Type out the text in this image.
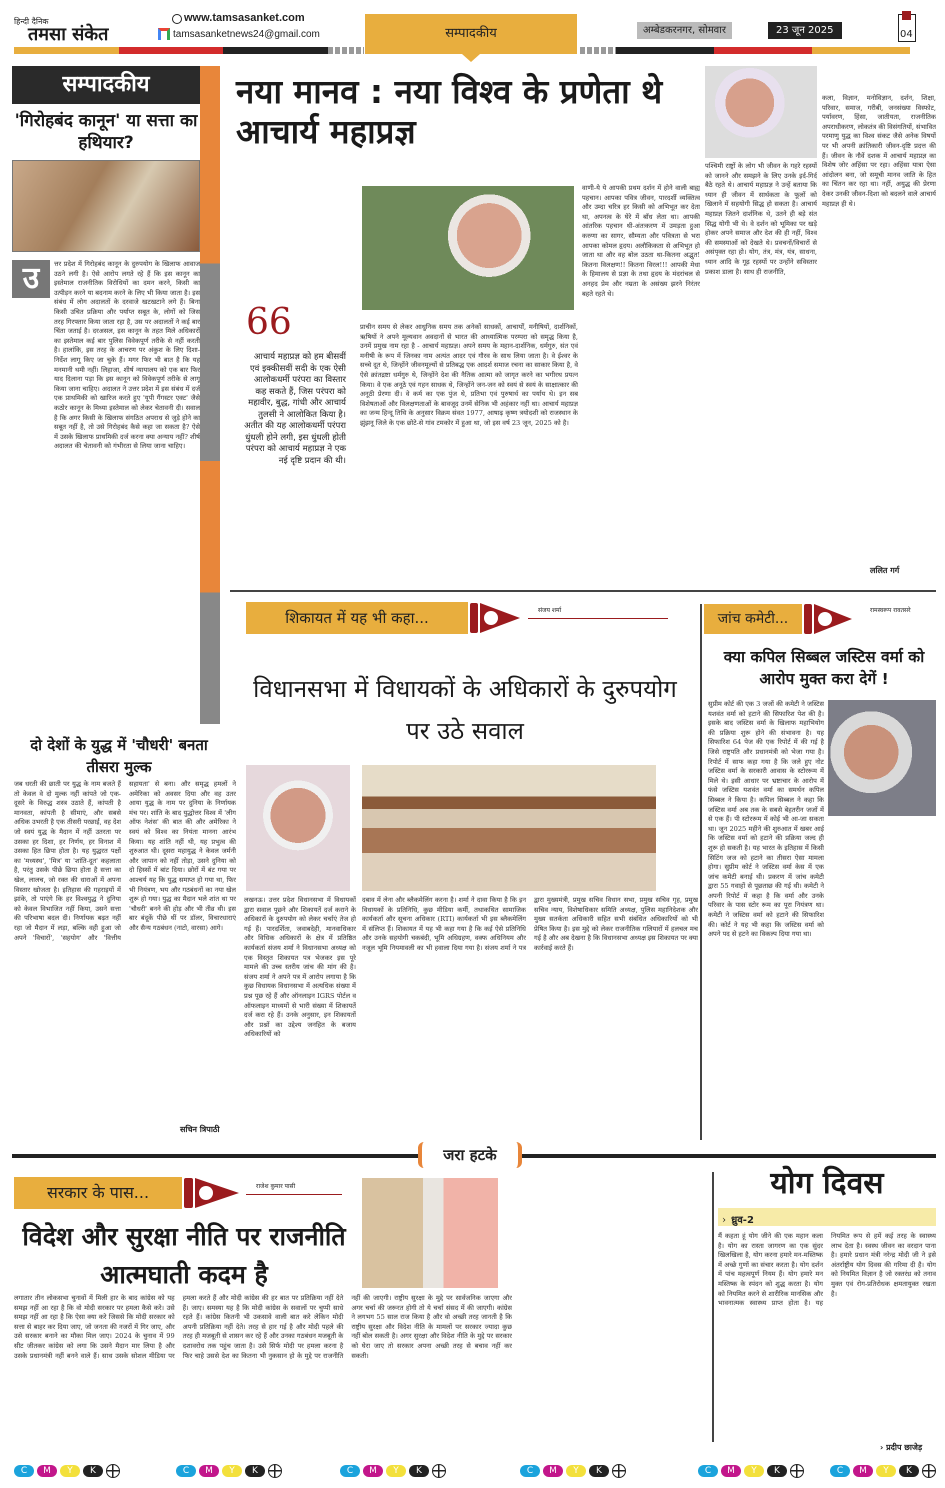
हिन्दी दैनिक
तमसा संकेत
www.tamsasanket.com
tamsasanketnews24@gmail.com	सम्पादकीय	अम्बेडकरनगर, सोमवार	23 जून 2025	04
सम्पादकीय
'गिरोहबंद कानून' या सत्ता का हथियार?
उ	त्तर प्रदेश में गिरोहबंद कानून के दुरुपयोग के खिलाफ आवाज उठने लगी है। ऐसे आरोप लगते रहे हैं कि इस कानून का इस्तेमाल राजनीतिक विरोधियों का दमन करने, किसी का उत्पीड़न करने या बदनाम करने के लिए भी किया जाता है। इस संबंध में लोग अदालतों के दरवाजे खटखटाने लगे हैं। बिना किसी उचित प्रक्रिया और पर्याप्त सबूत के, लोगों को जिस तरह गिरफ्तार किया जाता रहा है, उस पर अदालतों ने कई बार चिंता जताई है। दरअसल, इस कानून के तहत मिले अधिकारों का इस्तेमाल कई बार पुलिस विवेकपूर्ण तरीके से नहीं करती है। हालांकि, इस तरह के आचरण पर अंकुश के लिए दिशा-निर्देश लागू किए जा चुके हैं। मगर फिर भी बात है कि यह मनमानी थमी नहीं। लिहाजा, शीर्ष न्यायालय को एक बार फिर याद दिलाना पड़ा कि इस कानून को विवेकपूर्ण तरीके से लागू किया जाना चाहिए। अदालत ने उत्तर प्रदेश में इस संबंध में दर्ज एक प्राथमिकी को खारिज करते हुए 'यूपी गैंगस्टर एक्ट' जैसे कठोर कानून के मिथ्या इस्तेमाल को लेकर चेतावनी दी। सवाल है कि अगर किसी के खिलाफ संगठित अपराध से जुड़े होने का सबूत नहीं है, तो उसे गिरोहबंद कैसे कहा जा सकता है? ऐसे में उसके खिलाफ प्राथमिकी दर्ज करना क्या अन्याय नहीं? शीर्ष अदालत की चेतावनी को गंभीरता से लिया जाना चाहिए।
नया मानव : नया विश्व के प्रणेता थे आचार्य महाप्रज्ञ
66
आचार्य महाप्रज्ञ को हम बीसवीं एवं इक्कीसवीं सदी के एक ऐसी आलोकधर्मी परंपरा का विस्तार कह सकते हैं, जिस परंपरा को महावीर, बुद्ध, गांधी और आचार्य तुलसी ने आलोकित किया है। अतीत की यह आलोकधर्मी परंपरा धुंधली होने लगी, इस धुंधली होती परंपरा को आचार्य महाप्रज्ञ ने एक नई दृष्टि प्रदान की थी।
प्राचीन समय से लेकर आधुनिक समय तक अनेकों साधकों, आचार्यों, मनीषियों, दार्शनिकों, ऋषियों ने अपने मूल्यवान अवदानों से भारत की आध्यात्मिक परम्परा को समृद्ध किया है, उनमें प्रमुख नाम रहा है - आचार्य महाप्रज्ञ। अपने समय के महान-दार्शनिक, धर्मगुरु, संत एवं मनीषी के रूप में जिनका नाम अत्यंत आदर एवं गौरव के साथ लिया जाता है। वे ईश्वर के सच्चे दूत थे, जिन्होंने जीवनमूल्यों से प्रतिबद्ध एक आदर्श समाज रचना का साकार किया है, वे ऐसे क्रांतद्रष्टा धर्मगुरु थे, जिन्होंने देश की नैतिक आत्मा को जागृत करने का भगीरथ प्रयत्न किया। वे एक अनूठे एवं गहन साधक थे, जिन्होंने जन-जन को स्वयं से स्वयं के साक्षात्कार की अनूठी प्रेरणा दी। वे कर्म का एक पुंज थे, प्रतिभा एवं पुरुषार्थ का पर्याय थे। इन सब विशेषताओं और विलक्षणताओं के बावजूद उनमें सेनिक भी अहंकार नहीं था। आचार्य महाप्रज्ञ का जन्म हिन्दू तिथि के अनुसार विक्रम संवत 1977, आषाढ़ कृष्ण त्रयोदशी को राजस्थान के झुंझनू जिले के एक छोटे-से गांव टमकोर में हुआ था, जो इस वर्ष 23 जून, 2025 को है।
वाणी-ये ये आपकी प्रथम दर्शन में होने वाली बाह्य पहचान। आपका पवित्र जीवन, पारदर्शी व्यक्तित्व और उम्दा चरित्र हर किसी को अभिभूत कर देता था, अपनत्व के घेरे में बाँध लेता था। आपकी आंतरिक पहचान थी-अंतःकरण में उमड़ता हुआ करुणा का सागर, सौम्यता और पवित्रता से भरा आपका कोमल हृदय। अलौकिकता से अभिभूत हो जाता था और वह बोल उठता था-कितना अद्भुत! कितना विलक्षण!! कितना विरल!!! आपकी मेधा के हिमालय से प्रज्ञा के तथा हृदय के मंदरांचल से अनहद प्रेम और नम्रता के असंख्य झरने निरंतर बहते रहते थे।
पश्चिमी राष्ट्रों के लोग भी जीवन के गहरे रहस्यों को जानने और समझने के लिए उनके इर्द-गिर्द बैठे रहते थे। आचार्य महाप्रज्ञ ने उन्हें बताया कि ध्यान ही जीवन में सार्थकता के फूलों को खिलाने में सहयोगी सिद्ध हो सकता है। आचार्य महाप्रज्ञ जितने दार्शनिक थे, उतने ही बड़े संत सिद्ध योगी भी थे। वे दर्शन को भूमिका पर खड़े होकर अपने समाज और देश की ही नहीं, विश्व की समस्याओं को देखते थे। प्रवचनों/विचारों से असंपृक्त रहा हो। योग, तंत्र, मंत्र, यंत्र, साधना, ध्यान आदि के गूढ़ रहस्यों पर उन्होंने सविस्तार प्रकाश डाला है। साथ ही राजनीति,
कला, विज्ञान, मनोविज्ञान, दर्शन, शिक्षा, परिवार, समाज, गरीबी, जनसंख्या विस्फोट, पर्यावरण, हिंसा, जातीयता, राजनीतिक अपराधीकरण, लोकतंत्र की विसंगतियों, संभावित परमाणु युद्ध का विश्व संकट जैसे अनेक विषयों पर भी अपनी क्रांतिकारी जीवन-दृष्टि प्रदत्त की हैं। जीवन के नौवें दशक में आचार्य महाप्रज्ञ का विशेष जोर अहिंसा पर रहा। अहिंसा यात्रा ऐसा आंदोलन बना, जो समूची मानव जाति के हित का चिंतन कर रहा था। नहीं, अयुद्ध की प्रेरणा देकर उनकी जीवन-दिशा को बदलने वाले आचार्य महाप्रज्ञ ही थे।
ललित गर्ग
शिकायत में यह भी कहा...	संजय शर्मा
विधानसभा में विधायकों के अधिकारों के दुरुपयोग पर उठे सवाल
लखनऊ। उत्तर प्रदेश विधानसभा में विधायकों द्वारा सवाल पूछने और शिकायतें दर्ज कराने के अधिकारों के दुरुपयोग को लेकर चर्चाएं तेज हो गई हैं। पारदर्शिता, जवाबदेही, मानवाधिकार और विधिक अधिकारों के क्षेत्र में प्रतिष्ठित कार्यकर्ता संजय शर्मा ने विधानसभा अध्यक्ष को एक विस्तृत शिकायत पत्र भेजकर इस पूरे मामले की उच्च स्तरीय जांच की मांग की है। संजय शर्मा ने अपने पत्र में आरोप लगाया है कि कुछ विधायक विधानसभा में अत्यधिक संख्या में प्रश्न पूछ रहे हैं और ऑनलाइन IGRS पोर्टल व ऑफलाइन माध्यमों से भारी संख्या में शिकायतें दर्ज करा रहे हैं। उनके अनुसार, इन शिकायतों और प्रश्नों का उद्देश्य जनहित के बजाय अधिकारियों को
दबाव में लेना और ब्लैकमेलिंग करना है। शर्मा ने दावा किया है कि इन विधायकों के प्रतिनिधि, कुछ मीडिया कर्मी, तथाकथित सामाजिक कार्यकर्ता और सूचना अधिकार (RTI) कार्यकर्ता भी इस ब्लैकमेलिंग में संलिप्त हैं। शिकायत में यह भी कहा गया है कि कई ऐसे प्रतिनिधि और उनके सहयोगी चकबंदी, भूमि अधिग्रहण, वक्फ अधिनियम और नजूल भूमि नियमावली का भी हवाला दिया गया है। संजय शर्मा ने पत्र द्वारा मुख्यमंत्री, प्रमुख सचिव विधान सभा, प्रमुख सचिव गृह, प्रमुख सचिव न्याय, विशेषाधिकार समिति अध्यक्ष, पुलिस महानिदेशक और मुख्य सतर्कता अधिकारी सहित सभी संबंधित अधिकारियों को भी प्रेषित किया है। इस मुद्दे को लेकर राजनीतिक गलियारों में हलचल मच गई है और अब देखना है कि विधानसभा अध्यक्ष इस शिकायत पर क्या कार्रवाई करते हैं।
जांच कमेटी...
रामस्वरूप रावतसरे
क्या कपिल सिब्बल जस्टिस वर्मा को आरोप मुक्त करा देगें !
सुप्रीम कोर्ट की एक 3 जजों की कमेटी ने जस्टिस यशवंत वर्मा को हटाने की सिफारिश पेश की है। इसके बाद जस्टिस वर्मा के खिलाफ महाभियोग की प्रक्रिया शुरू होने की संभावना है। यह सिफारिश 64 पेज की एक रिपोर्ट में की गई है जिसे राष्ट्रपति और प्रधानमंत्री को भेजा गया है। रिपोर्ट में साफ कहा गया है कि जले हुए नोट जस्टिस वर्मा के सरकारी आवास के स्टोररूम में मिले थे। इसी आधार पर भ्रष्टाचार के आरोप में फंसे जस्टिस यशवंत वर्मा का समर्थन कपिल सिब्बल ने किया है। कपिल सिब्बल ने कहा कि जस्टिस वर्मा अब तक के सबसे बेहतरीन जजों में से एक हैं। पी स्टोररूम में कोई भी आ-जा सकता था। जून 2025 महीने की शुरुआत में खबर आई कि जस्टिस वर्मा को हटाने की प्रक्रिया जल्द ही शुरू हो सकती है। यह भारत के इतिहास में किसी सिटिंग जज को हटाने का तीसरा ऐसा मामला होगा। सुप्रीम कोर्ट ने जस्टिस वर्मा केस में एक जांच कमेटी बनाई थी। प्रकरण में जांच कमेटी द्वारा 55 गवाहों से पूछताछ की गई थी। कमेटी ने अपनी रिपोर्ट में कहा है कि वर्मा और उनके परिवार के पास स्टोर रूम का पूरा नियंत्रण था। कमेटी ने जस्टिस वर्मा को हटाने की सिफारिश की। कोर्ट ने यह भी कहा कि जस्टिस वर्मा को अपने पद से हटने का विकल्प दिया गया था।
दो देशों के युद्ध में 'चौधरी' बनता तीसरा मुल्क
जब धरती की छाती पर युद्ध के नाम बजते हैं तो केवल वे दो मुल्क नहीं कांपते जो एक-दूसरे के विरुद्ध शस्त्र उठाते हैं, कांपती है मानवता, कांपती है सीमाएं, और सबसे अधिक उभरती है एक तीसरी परछाईं, वह देश जो स्वयं युद्ध के मैदान में नहीं उतरता पर उसका हर दिशा, हर निर्णय, हर विनाश में उसका हित छिपा होता है। यह युद्धरत पक्षों का 'मध्यस्थ', 'मित्र' या 'शांति-दूत' कहलाता है, परंतु उसके पीछे छिपा होता है सत्ता का खेल, लालच, जो रक्त की धाराओं में अपना विस्तार खोजता है। इतिहास की गहराइयों में झांके, तो पाएंगे कि हर विश्वयुद्ध ने दुनिया को केवल विभाजित नहीं किया, उसने सत्ता की परिभाषा बदल दी। निर्णायक बढ़त नहीं रहा जो मैदान में लड़ा, बल्कि वही हुआ जो अपने 'विचारों', 'सहयोग' और 'वित्तीय सहायता' से बना। और समृद्ध हमलों ने अमेरिका को अवसर दिया और वह उतर आया युद्ध के नाम पर दुनिया के निर्णायक मंच पर। शांति के बाद युद्धोत्तर विश्व में 'लीग ऑफ नेशंस' की बात की और अमेरिका ने स्वयं को विश्व का नियंता मानना आरंभ किया। यह शांति नहीं थी, यह प्रभुत्व की शुरुआत थी। दूसरा महायुद्ध ने केवल जर्मनी और जापान को नहीं तोड़ा, उसने दुनिया को दो हिस्सों में बांट दिया। छोरों में बंट गया पर आश्चर्य यह कि युद्ध समाप्त हो गया था, फिर भी नियंत्रण, भय और गठबंधनों का नया खेल शुरू हो गया। युद्ध का मैदान भले शांत था पर 'चौधरी' बनने की होड़ और भी तीव्र थी। इस बार बंदूकें पीछे थीं पर डॉलर, विचारधाराएं और सैन्य गठबंधन (नाटो, वारसा) आगे।
सचिन त्रिपाठी
जरा हटके
सरकार के पास...	राजेश कुमार पासी
विदेश और सुरक्षा नीति पर राजनीति आत्मघाती कदम है
लगातार तीन लोकसभा चुनावों में मिली हार के बाद कांग्रेस को यह समझ नहीं आ रहा है कि वो मोदी सरकार पर हमला कैसे करे। उसे समझ नहीं आ रहा है कि ऐसा क्या करे जिससे कि मोदी सरकार को सत्ता से बाहर कर दिया जाए, जो जनता की नजरों में गिर जाए, और उसे सरकार बनाने का मौका मिल जाए। 2024 के चुनाव में 99 सीट जीतकर कांग्रेस को लगा कि उसने मैदान मार लिया है और उसके प्रधानमंत्री नहीं बनने वाले हैं। साथ उसके सोशल मीडिया पर हमला करते हैं और मोदी कांग्रेस की हर बात पर प्रतिक्रिया नहीं देते हैं। जाए। समस्या यह है कि मोदी कांग्रेस के सवालों पर चुप्पी साधे रहते हैं। कांग्रेस कितनी भी उकसावे वाली बात करे लेकिन मोदी अपनी प्रतिक्रिया नहीं देते। तरह से हार गई है और मोदी पहले की तरह ही मजबूती से शासन कर रहे हैं और उनका गठबंधन मजबूती के दशावरोध तक पहुंच जाता है। उसे सिर्फ मोदी पर हमला करना है फिर चाहे उससे देश का कितना भी नुकसान हो के मुद्दे पर राजनीति नहीं की जाएगी। राष्ट्रीय सुरक्षा के मुद्दे पर सार्वजनिक जाएगा और अगर चर्चा की जरूरत होगी तो ये चर्चा संसद में की जाएगी। कांग्रेस ने लगभग 55 साल राज किया है और वो अच्छी तरह जानती है कि राष्ट्रीय सुरक्षा और विदेश नीति के मामलों पर सरकार ज्यादा कुछ नहीं बोल सकती है। अगर सुरक्षा और विदेश नीति के मुद्दे पर सरकार को घेरा जाए तो सरकार अपना अच्छी तरह से बचाव नहीं कर सकती।
योग दिवस
› ध्रुव-2
मैं कहता हूं योग जीने की एक महान कला है। योग का रास्ता जागरण का एक सुंदर खिलखिला है, योग करना हमारे मन-मस्तिष्क में अच्छे गुणों का संचार करता है। योग दर्शन में पांच महत्वपूर्ण नियम हैं। योग हमारे मन मस्तिष्क के स्पंदन को शुद्ध करता है। योग को नियमित करने से शारीरिक मानसिक और भावनात्मक स्वास्थ्य प्राप्त होता है। यह नियमित रूप से हमें कई तरह के स्वास्थ्य लाभ देता है। स्वस्थ जीवन का वरदान पाना है। हमारे प्रधान मंत्री नरेन्द्र मोदी जी ने इसे अंतर्राष्ट्रीय योग दिवस की गरिमा दी है। योग को नियमित विज्ञान है जो रक्तरंध्र को तनाव मुक्त एवं रोग-प्रतिरोधक क्षमतायुक्त रखता है।
› प्रदीप छाजेड़
C	M	Y	K	C	M	Y	K	C	M	Y	K	C	M	Y	K	C	M	Y	K	C	M	Y	K
